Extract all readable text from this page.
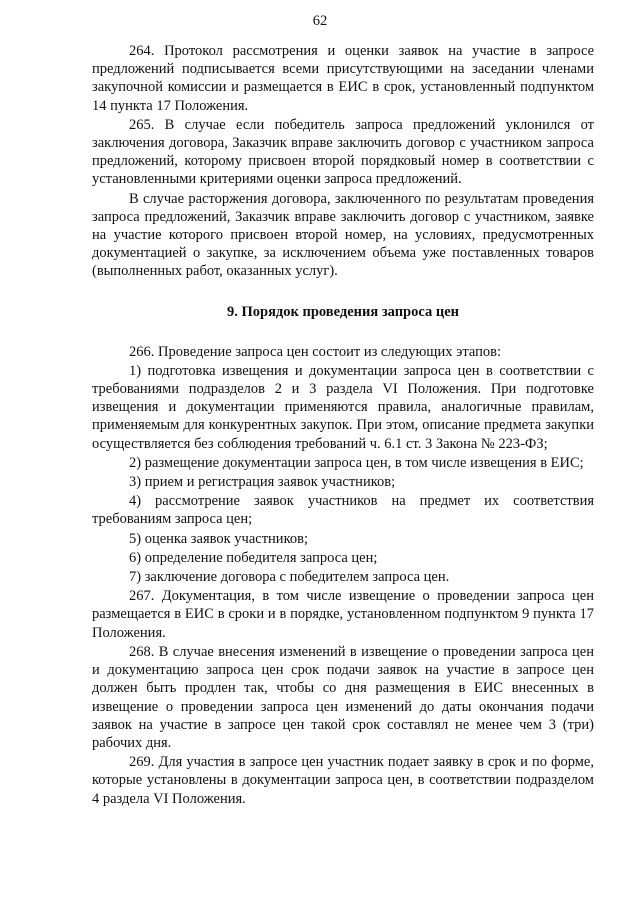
62

264. Протокол рассмотрения и оценки заявок на участие в запросе предложений подписывается всеми присутствующими на заседании членами закупочной комиссии и размещается в ЕИС в срок, установленный подпунктом 14 пункта 17 Положения.

265. В случае если победитель запроса предложений уклонился от заключения договора, Заказчик вправе заключить договор с участником запроса предложений, которому присвоен второй порядковый номер в соответствии с установленными критериями оценки запроса предложений.

В случае расторжения договора, заключенного по результатам проведения запроса предложений, Заказчик вправе заключить договор с участником, заявке на участие которого присвоен второй номер, на условиях, предусмотренных документацией о закупке, за исключением объема уже поставленных товаров (выполненных работ, оказанных услуг).

9. Порядок проведения запроса цен

266. Проведение запроса цен состоит из следующих этапов:

1) подготовка извещения и документации запроса цен в соответствии с требованиями подразделов 2 и 3 раздела VI Положения. При подготовке извещения и документации применяются правила, аналогичные правилам, применяемым для конкурентных закупок. При этом, описание предмета закупки осуществляется без соблюдения требований ч. 6.1 ст. 3 Закона № 223-ФЗ;

2) размещение документации запроса цен, в том числе извещения в ЕИС;

3) прием и регистрация заявок участников;

4) рассмотрение заявок участников на предмет их соответствия требованиям запроса цен;

5) оценка заявок участников;

6) определение победителя запроса цен;

7) заключение договора с победителем запроса цен.

267. Документация, в том числе извещение о проведении запроса цен размещается в ЕИС в сроки и в порядке, установленном подпунктом 9 пункта 17 Положения.

268. В случае внесения изменений в извещение о проведении запроса цен и документацию запроса цен срок подачи заявок на участие в запросе цен должен быть продлен так, чтобы со дня размещения в ЕИС внесенных в извещение о проведении запроса цен изменений до даты окончания подачи заявок на участие в запросе цен такой срок составлял не менее чем 3 (три) рабочих дня.

269. Для участия в запросе цен участник подает заявку в срок и по форме, которые установлены в документации запроса цен, в соответствии подразделом 4 раздела VI Положения.
